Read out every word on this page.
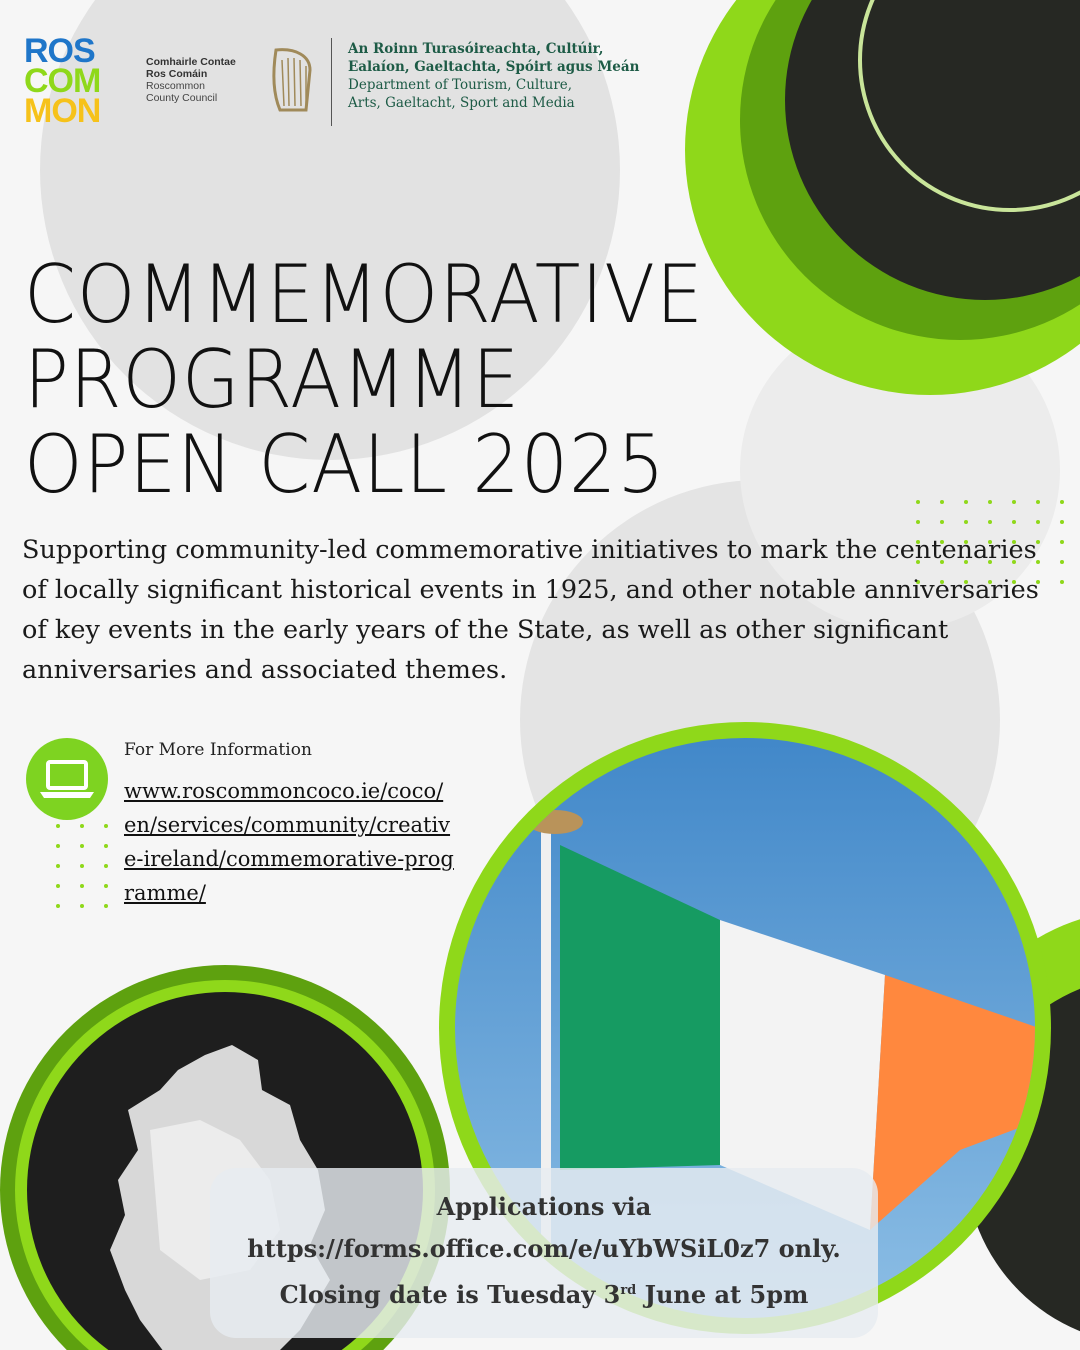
ROS
COM
MON
Comhairle Contae
Ros Comáin
Roscommon
County Council
An Roinn Turasóireachta, Cultúir,
Ealaíon, Gaeltachta, Spóirt agus Meán
Department of Tourism, Culture,
Arts, Gaeltacht, Sport and Media
COMMEMORATIVE
PROGRAMME
OPEN CALL 2025
Supporting community-led commemorative initiatives to mark the centenaries of locally significant historical events in 1925, and other notable anniversaries of key events in the early years of the State, as well as other significant anniversaries and associated themes.
For More Information
www.roscommoncoco.ie/coco/en/services/community/creative-ireland/commemorative-programme/
Applications via
https://forms.office.com/e/uYbWSiL0z7 only.
Closing date is Tuesday 3rd June at 5pm
